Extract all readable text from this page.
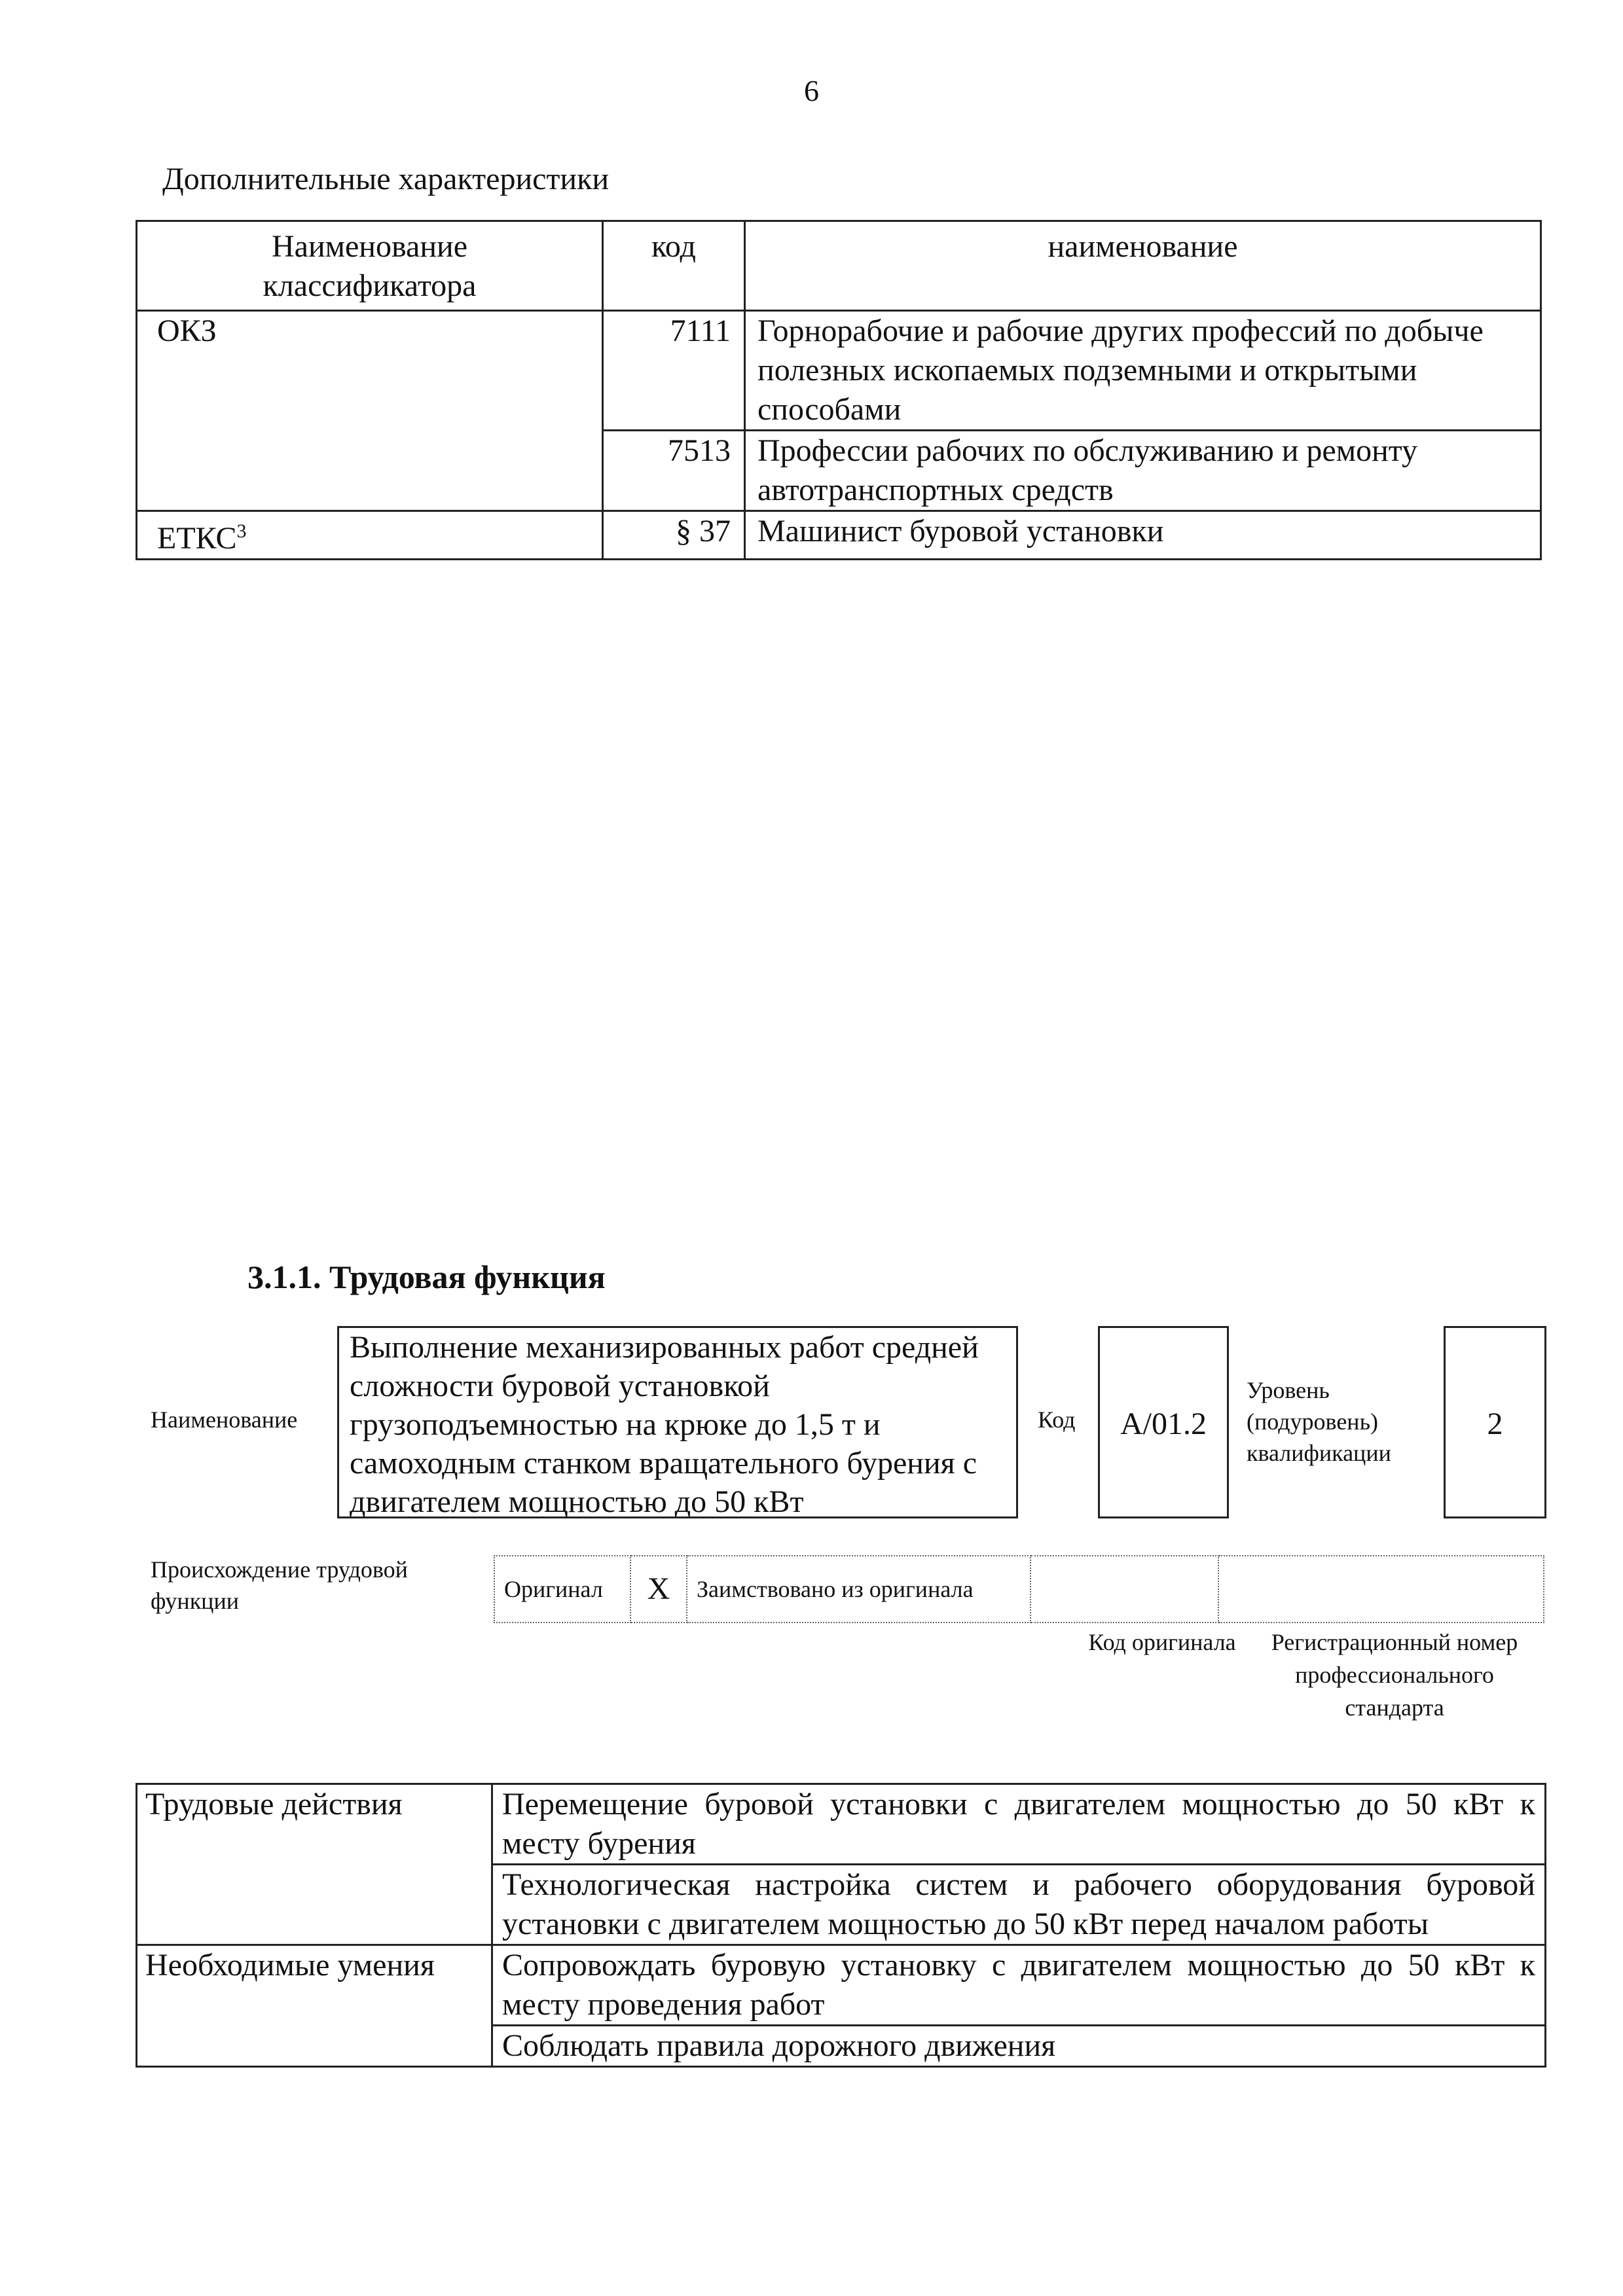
6
Дополнительные характеристики
Наименование
классификатора	код	наименование
ОКЗ	7111	Горнорабочие и рабочие других профессий по добыче полезных ископаемых подземными и открытыми способами
	7513	Профессии рабочих по обслуживанию и ремонту автотранспортных средств
ЕТКС$^3$	§ 37	Машинист буровой установки
3.1.1. Трудовая функция
Наименование
Выполнение механизированных работ средней сложности буровой установкой грузоподъемностью на крюке до 1,5 т и самоходным станком вращательного бурения с двигателем мощностью до 50 кВт
Код	А/01.2
Уровень (подуровень) квалификации
2
Происхождение трудовой функции	Оригинал	X	Заимствовано из оригинала		
Код оригинала	Регистрационный номер профессионального стандарта
Трудовые действия	Перемещение буровой установки с двигателем мощностью до 50 кВт к месту бурения
	Технологическая настройка систем и рабочего оборудования буровой установки с двигателем мощностью до 50 кВт перед началом работы
Необходимые умения	Сопровождать буровую установку с двигателем мощностью до 50 кВт к месту проведения работ
	Соблюдать правила дорожного движения
